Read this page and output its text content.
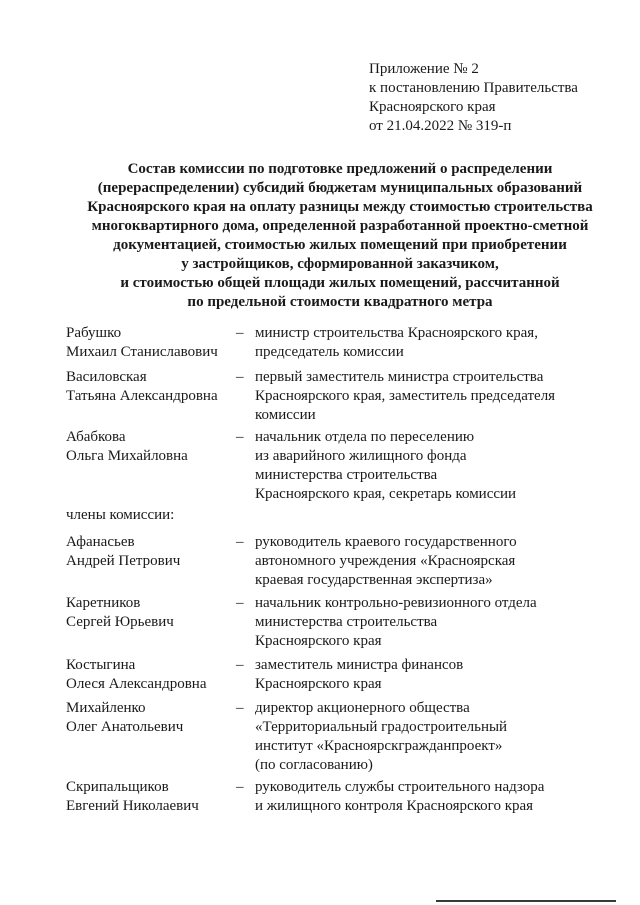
Приложение № 2
к постановлению Правительства
Красноярского края
от 21.04.2022 № 319-п
Состав комиссии по подготовке предложений о распределении
(перераспределении) субсидий бюджетам муниципальных образований
Красноярского края на оплату разницы между стоимостью строительства
многоквартирного дома, определенной разработанной проектно-сметной
документацией, стоимостью жилых помещений при приобретении
у застройщиков, сформированной заказчиком,
и стоимостью общей площади жилых помещений, рассчитанной
по предельной стоимости квадратного метра
Рабушко
Михаил Станиславович
– министр строительства Красноярского края,
председатель комиссии
Василовская
Татьяна Александровна
– первый заместитель министра строительства
Красноярского края, заместитель председателя
комиссии
Абабкова
Ольга Михайловна
– начальник отдела по переселению
из аварийного жилищного фонда
министерства строительства
Красноярского края, секретарь комиссии
члены комиссии:
Афанасьев
Андрей Петрович
– руководитель краевого государственного
автономного учреждения «Красноярская
краевая государственная экспертиза»
Каретников
Сергей Юрьевич
– начальник контрольно-ревизионного отдела
министерства строительства
Красноярского края
Костыгина
Олеся Александровна
– заместитель министра финансов
Красноярского края
Михайленко
Олег Анатольевич
– директор акционерного общества
«Территориальный градостроительный
институт «Красноярскгражданпроект»
(по согласованию)
Скрипальщиков
Евгений Николаевич
– руководитель службы строительного надзора
и жилищного контроля Красноярского края
